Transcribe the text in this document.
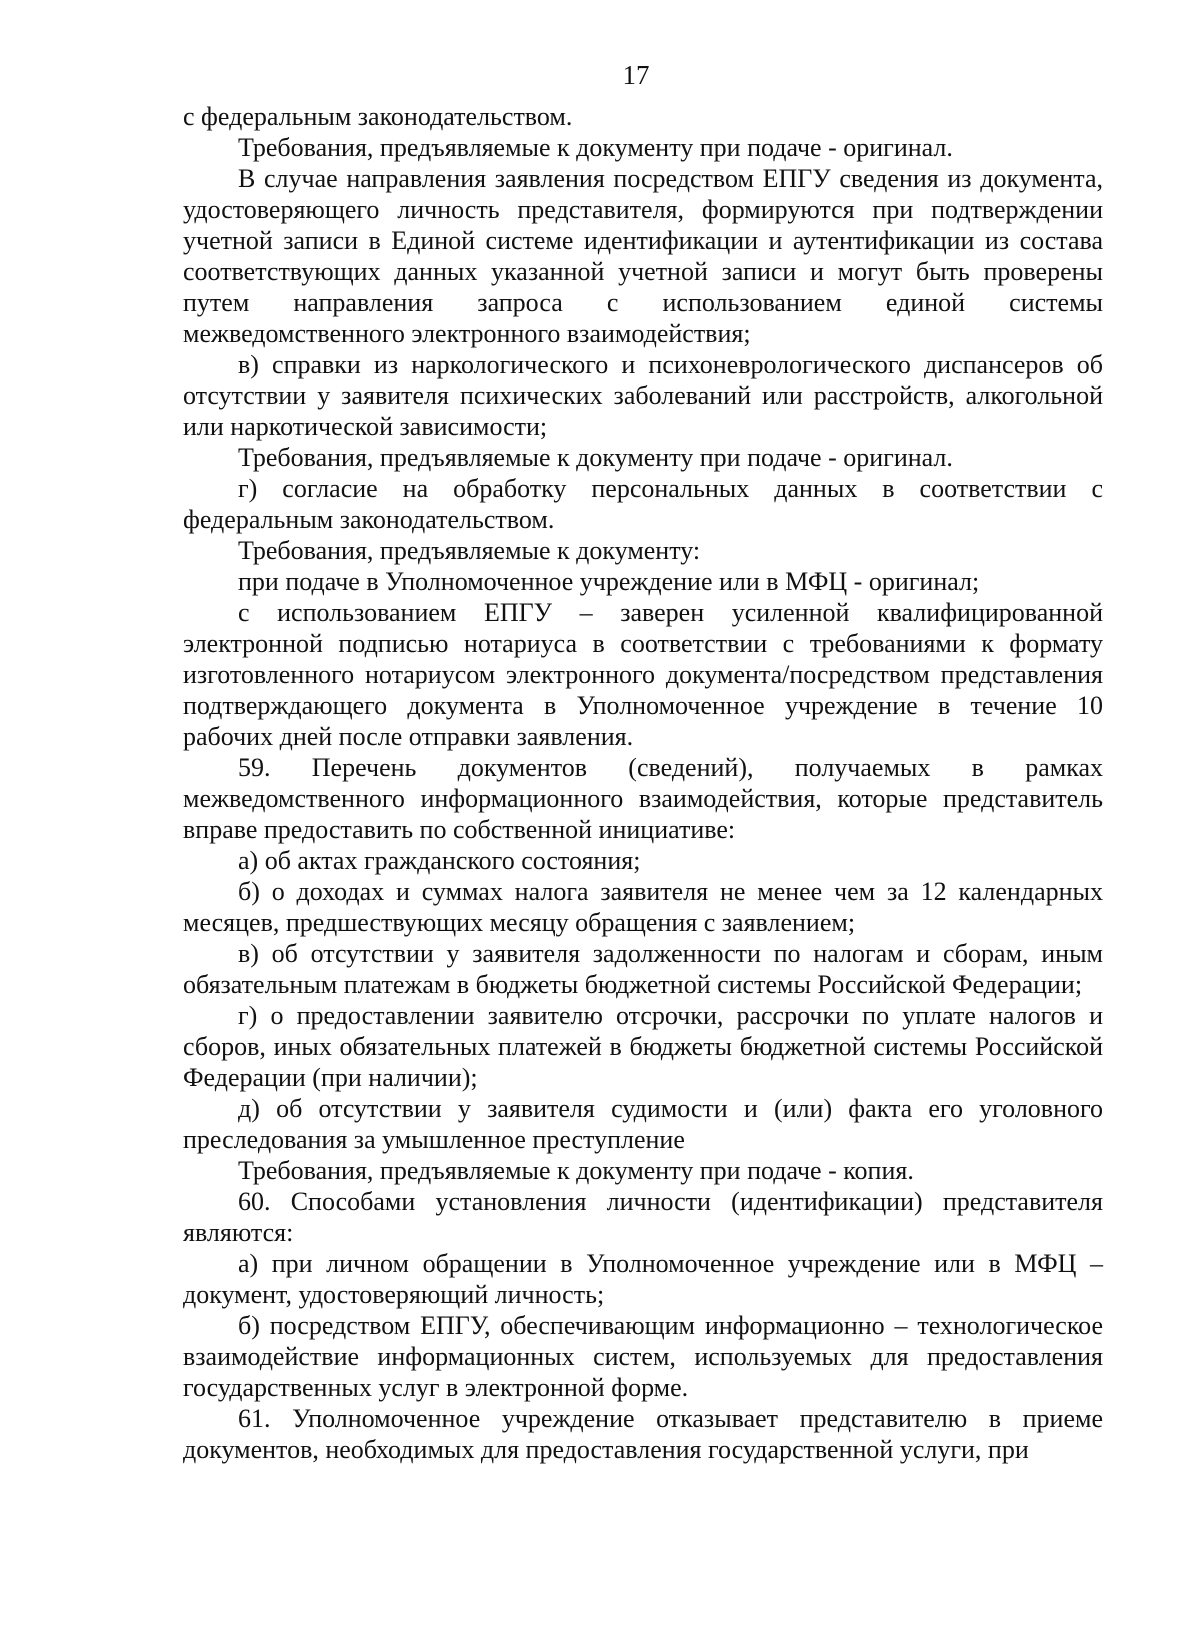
17

с федеральным законодательством.

Требования, предъявляемые к документу при подаче - оригинал.

В случае направления заявления посредством ЕПГУ сведения из документа, удостоверяющего личность представителя, формируются при подтверждении учетной записи в Единой системе идентификации и аутентификации из состава соответствующих данных указанной учетной записи и могут быть проверены путем направления запроса с использованием единой системы межведомственного электронного взаимодействия;

в) справки из наркологического и психоневрологического диспансеров об отсутствии у заявителя психических заболеваний или расстройств, алкогольной или наркотической зависимости;

Требования, предъявляемые к документу при подаче - оригинал.

г) согласие на обработку персональных данных в соответствии с федеральным законодательством.

Требования, предъявляемые к документу:

при подаче в Уполномоченное учреждение или в МФЦ - оригинал;

с использованием ЕПГУ – заверен усиленной квалифицированной электронной подписью нотариуса в соответствии с требованиями к формату изготовленного нотариусом электронного документа/посредством представления подтверждающего документа в Уполномоченное учреждение в течение 10 рабочих дней после отправки заявления.

59. Перечень документов (сведений), получаемых в рамках межведомственного информационного взаимодействия, которые представитель вправе предоставить по собственной инициативе:

а) об актах гражданского состояния;

б) о доходах и суммах налога заявителя не менее чем за 12 календарных месяцев, предшествующих месяцу обращения с заявлением;

в) об отсутствии у заявителя задолженности по налогам и сборам, иным обязательным платежам в бюджеты бюджетной системы Российской Федерации;

г) о предоставлении заявителю отсрочки, рассрочки по уплате налогов и сборов, иных обязательных платежей в бюджеты бюджетной системы Российской Федерации (при наличии);

д) об отсутствии у заявителя судимости и (или) факта его уголовного преследования за умышленное преступление

Требования, предъявляемые к документу при подаче - копия.

60. Способами установления личности (идентификации) представителя являются:

а) при личном обращении в Уполномоченное учреждение или в МФЦ – документ, удостоверяющий личность;

б) посредством ЕПГУ, обеспечивающим информационно – технологическое взаимодействие информационных систем, используемых для предоставления государственных услуг в электронной форме.

61. Уполномоченное учреждение отказывает представителю в приеме документов, необходимых для предоставления государственной услуги, при
